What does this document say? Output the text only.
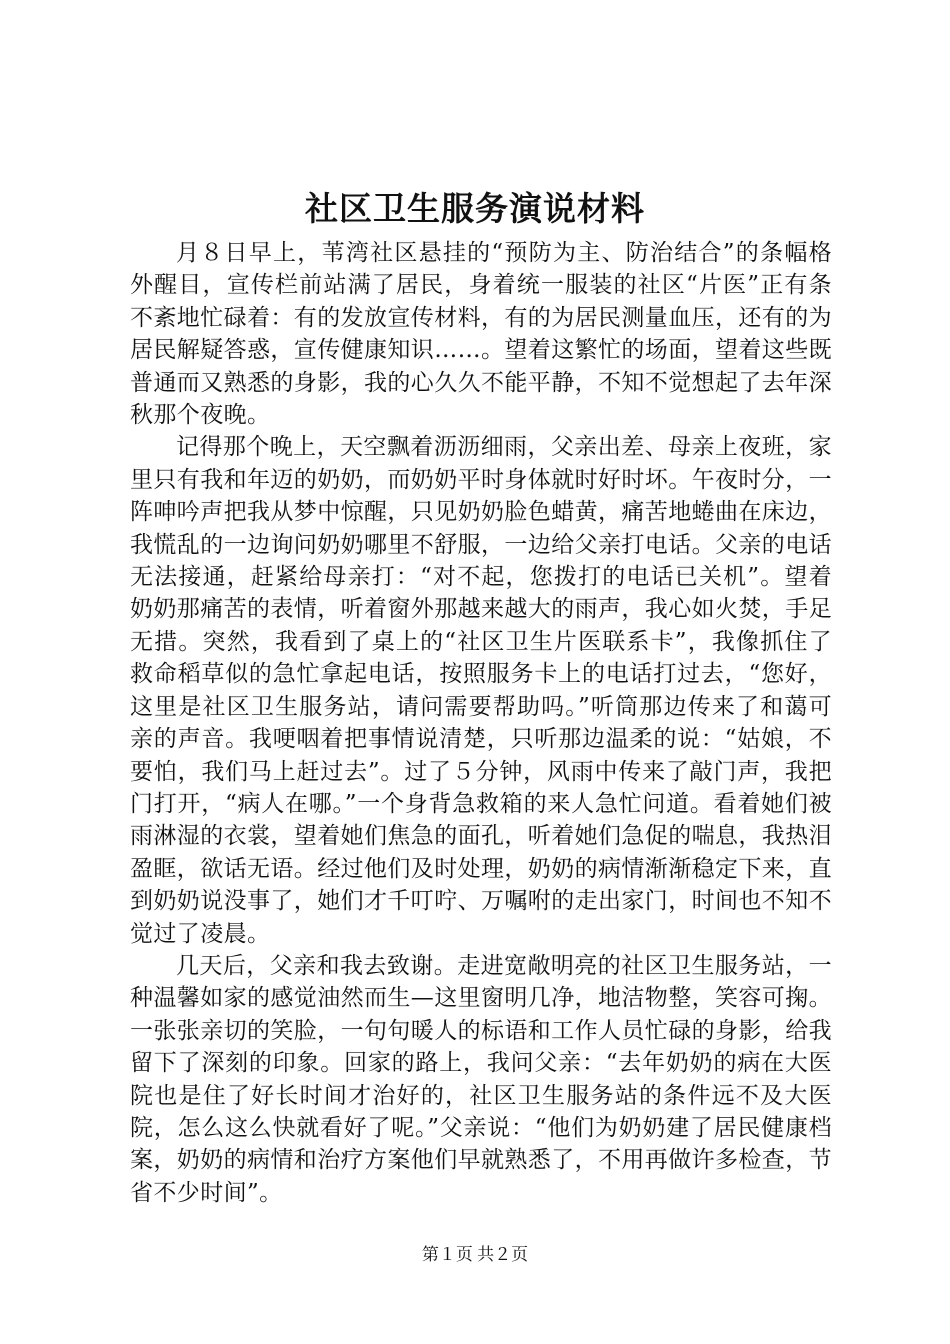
社区卫生服务演说材料

月８日早上，苇湾社区悬挂的“预防为主、防治结合”的条幅格外醒目，宣传栏前站满了居民，身着统一服装的社区“片医”正有条不紊地忙碌着：有的发放宣传材料，有的为居民测量血压，还有的为居民解疑答惑，宣传健康知识……。望着这繁忙的场面，望着这些既普通而又熟悉的身影，我的心久久不能平静，不知不觉想起了去年深秋那个夜晚。

记得那个晚上，天空飘着沥沥细雨，父亲出差、母亲上夜班，家里只有我和年迈的奶奶，而奶奶平时身体就时好时坏。午夜时分，一阵呻吟声把我从梦中惊醒，只见奶奶脸色蜡黄，痛苦地蜷曲在床边，我慌乱的一边询问奶奶哪里不舒服，一边给父亲打电话。父亲的电话无法接通，赶紧给母亲打：“对不起，您拨打的电话已关机”。望着奶奶那痛苦的表情，听着窗外那越来越大的雨声，我心如火焚，手足无措。突然，我看到了桌上的“社区卫生片医联系卡”，我像抓住了救命稻草似的急忙拿起电话，按照服务卡上的电话打过去，“您好，这里是社区卫生服务站，请问需要帮助吗。”听筒那边传来了和蔼可亲的声音。我哽咽着把事情说清楚，只听那边温柔的说：“姑娘，不要怕，我们马上赶过去”。过了５分钟，风雨中传来了敲门声，我把门打开，“病人在哪。”一个身背急救箱的来人急忙问道。看着她们被雨淋湿的衣裳，望着她们焦急的面孔，听着她们急促的喘息，我热泪盈眶，欲话无语。经过他们及时处理，奶奶的病情渐渐稳定下来，直到奶奶说没事了，她们才千叮咛、万嘱咐的走出家门，时间也不知不觉过了凌晨。

几天后，父亲和我去致谢。走进宽敞明亮的社区卫生服务站，一种温馨如家的感觉油然而生—这里窗明几净，地洁物整，笑容可掬。一张张亲切的笑脸，一句句暖人的标语和工作人员忙碌的身影，给我留下了深刻的印象。回家的路上，我问父亲：“去年奶奶的病在大医院也是住了好长时间才治好的，社区卫生服务站的条件远不及大医院，怎么这么快就看好了呢。”父亲说：“他们为奶奶建了居民健康档案，奶奶的病情和治疗方案他们早就熟悉了，不用再做许多检查，节省不少时间”。

第１页 共２页
